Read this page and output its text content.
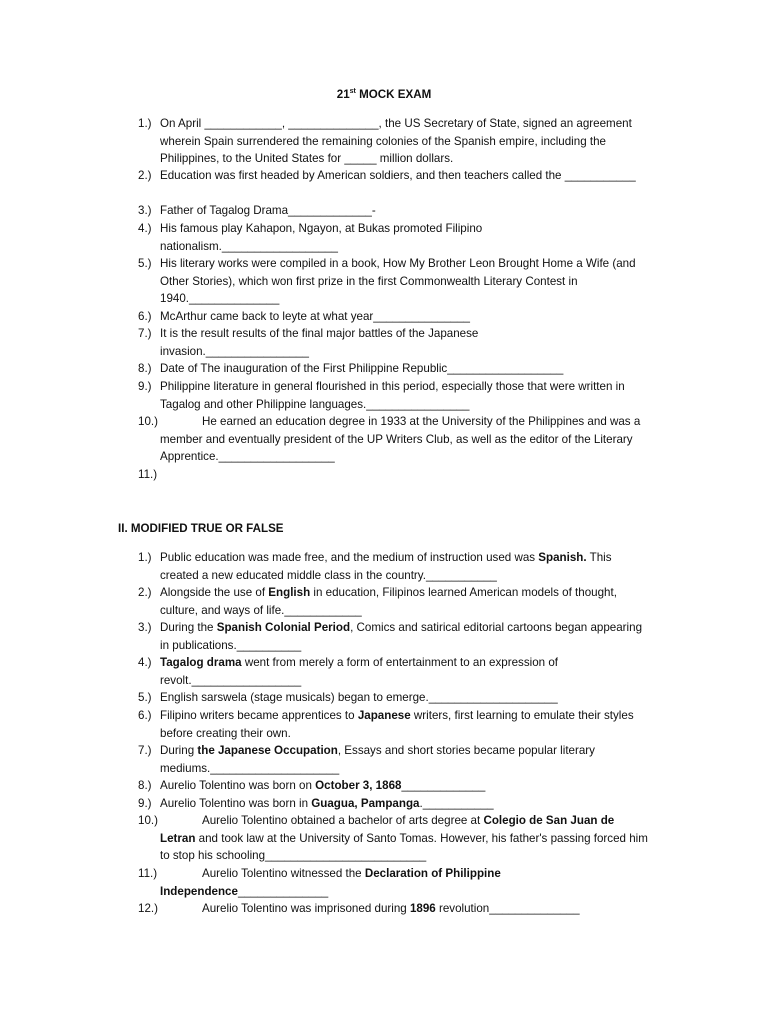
21st MOCK EXAM
1.) On April ____________, ______________, the US Secretary of State, signed an agreement wherein Spain surrendered the remaining colonies of the Spanish empire, including the Philippines, to the United States for _____ million dollars.
2.) Education was first headed by American soldiers, and then teachers called the ___________
3.) Father of Tagalog Drama_____________-
4.) His famous play Kahapon, Ngayon, at Bukas promoted Filipino nationalism.__________________
5.) His literary works were compiled in a book, How My Brother Leon Brought Home a Wife (and Other Stories), which won first prize in the first Commonwealth Literary Contest in 1940.______________
6.) McArthur came back to leyte at what year_______________
7.) It is the result results of the final major battles of the Japanese invasion.________________
8.) Date of The inauguration of the First Philippine Republic__________________
9.) Philippine literature in general flourished in this period, especially those that were written in Tagalog and other Philippine languages.________________
10.)	He earned an education degree in 1933 at the University of the Philippines and was a member and eventually president of the UP Writers Club, as well as the editor of the Literary Apprentice.__________________
11.)
II. MODIFIED TRUE OR FALSE
1.) Public education was made free, and the medium of instruction used was Spanish. This created a new educated middle class in the country.___________
2.) Alongside the use of English in education, Filipinos learned American models of thought, culture, and ways of life.____________
3.) During the Spanish Colonial Period, Comics and satirical editorial cartoons began appearing in publications.__________
4.) Tagalog drama went from merely a form of entertainment to an expression of revolt._________________
5.) English sarswela (stage musicals) began to emerge.____________________
6.) Filipino writers became apprentices to Japanese writers, first learning to emulate their styles before creating their own.
7.) During the Japanese Occupation, Essays and short stories became popular literary mediums.____________________
8.) Aurelio Tolentino was born on October 3, 1868_____________
9.) Aurelio Tolentino was born in Guagua, Pampanga.___________
10.)	Aurelio Tolentino obtained a bachelor of arts degree at Colegio de San Juan de Letran and took law at the University of Santo Tomas. However, his father's passing forced him to stop his schooling_________________________
11.)	Aurelio Tolentino witnessed the Declaration of Philippine Independence______________
12.)	Aurelio Tolentino was imprisoned during 1896 revolution______________
